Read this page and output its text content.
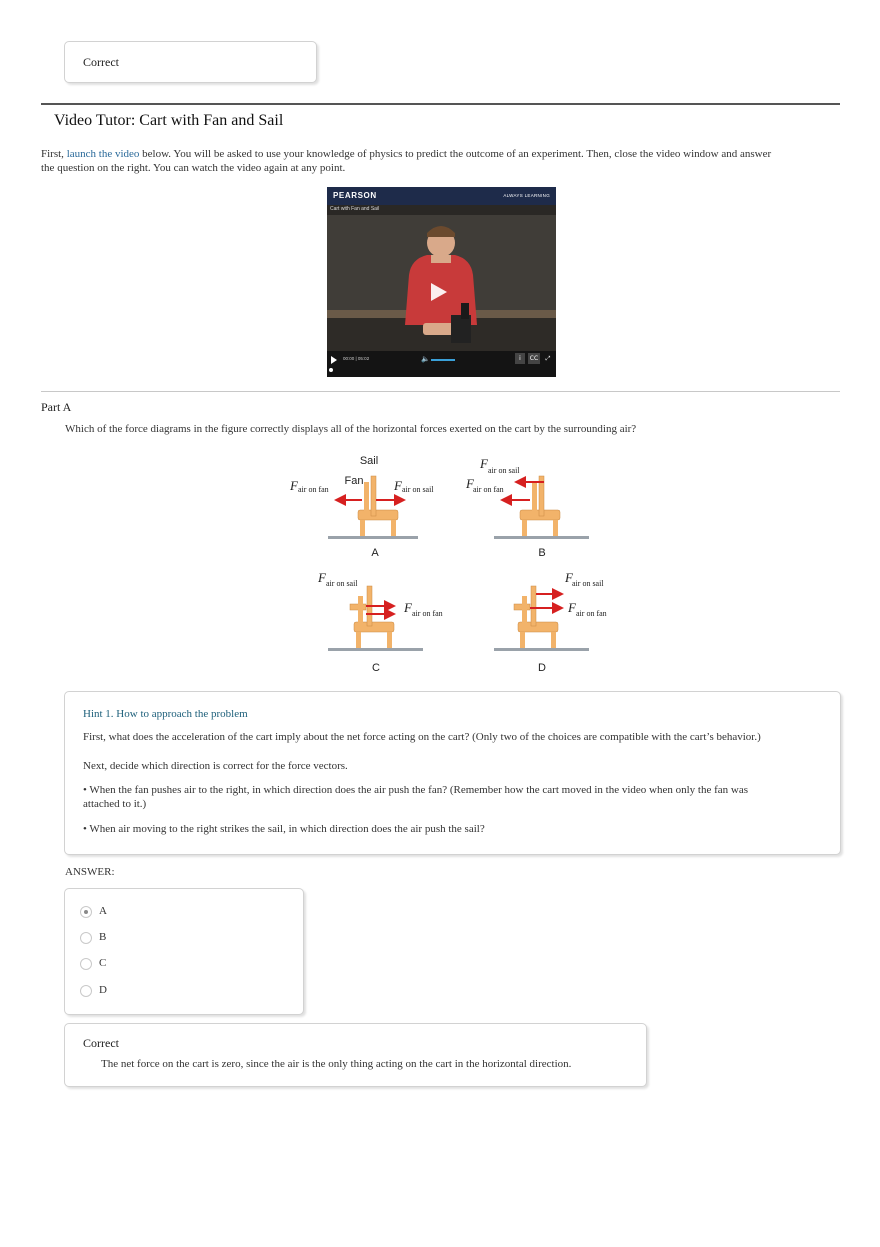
Correct
Video Tutor: Cart with Fan and Sail
First, launch the video below. You will be asked to use your knowledge of physics to predict the outcome of an experiment. Then, close the video window and answer the question on the right. You can watch the video again at any point.
PEARSON	ALWAYS LEARNING
Cart with Fan and Sail
00:00 | 05:02	🔈	i	CC	⤢
Part A
Which of the force diagrams in the figure correctly displays all of the horizontal forces exerted on the cart by the surrounding air?
Sail
Fan
F air on fan	F air on sail
A
F air on sail
F air on fan
B
F air on sail
F air on fan
C
F air on sail
F air on fan
D
Hint 1. How to approach the problem
First, what does the acceleration of the cart imply about the net force acting on the cart? (Only two of the choices are compatible with the cart’s behavior.)
Next, decide which direction is correct for the force vectors.
• When the fan pushes air to the right, in which direction does the air push the fan? (Remember how the cart moved in the video when only the fan was attached to it.)
• When air moving to the right strikes the sail, in which direction does the air push the sail?
ANSWER:
A
B
C
D
Correct
The net force on the cart is zero, since the air is the only thing acting on the cart in the horizontal direction.
